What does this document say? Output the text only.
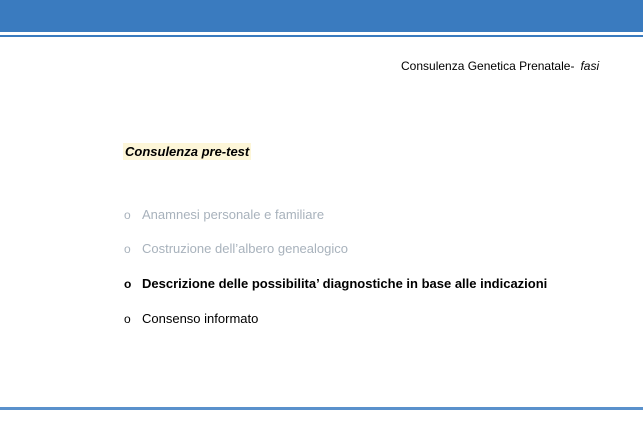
Consulenza Genetica Prenatale- fasi
Consulenza pre-test
o Anamnesi personale e familiare
o Costruzione dell’albero genealogico
o Descrizione delle possibilita’ diagnostiche in base alle indicazioni
o Consenso informato
